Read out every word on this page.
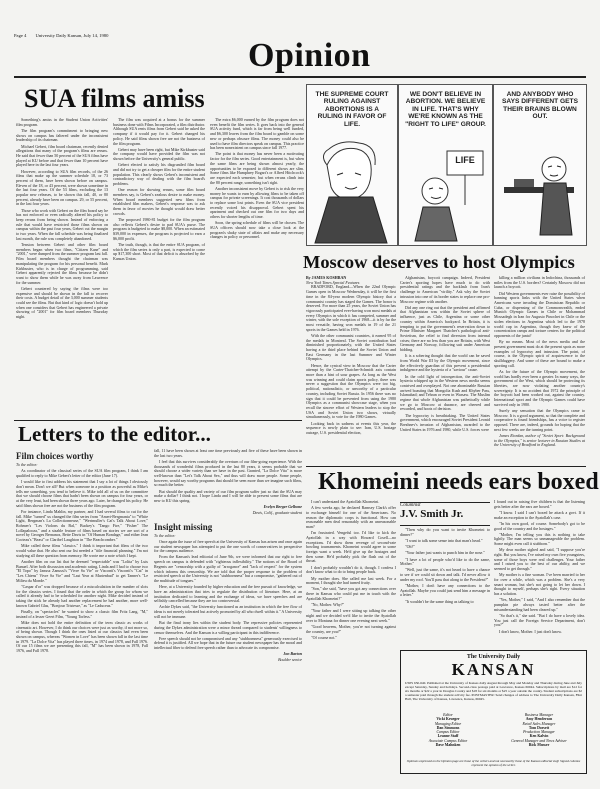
Page 4 University Daily Kansan, July 14, 1980
Opinion
SUA films amiss

Something's amiss in the Student Union Activities' film program.

The film program's commitment to bringing new shows on campus has faltered under the inconsistent leadership of its chairman.

Michael Gebert, film board chairman, recently denied allegations that many of the program's films are reruns. He said that fewer than 50 percent of the SUA films have played at KU before and that fewer than 10 percent have played here in the last four years.

However, according to SUA film records, of the 26 films that make up the summer schedule 18, or 73 percent of them, have been shown before on campus. Eleven of the 18, or 43 percent, were shown sometime in the last four years. Of the 53 films, excluding the 13 popular new releases, to be shown this fall, 40, or 80 percent, already have been on campus. 29, or 55 percent, in the last four years.

Those who work with Gebert on the film board say he has not enforced or even radically altered his policy to keep reruns from being shown. Instead of enforcing a rule that would have restricted those films shown on campus within the past four years, Gebert cut the margin to two years. When the fall schedule was being finalized last month, the rule was completely abandoned.

Tension between Gebert and other film board members began when two films, "Citizen Kane" and "2001," were dumped from the summer program last fall. Film board members thought the chairman was manipulating the program for his personal benefit. Mark Kirkbuster, who is in charge of programming, said Gebert apparently rejected the films because he didn't want to show them while he was away from Lawrence for the summer.

Gebert countered by saying the films were too expensive and should be shown in the fall to recover their costs. A budget detail of the 3,000 summer students could see the films. But that kind of logic doesn't hold up when one considers that Gebert has engineered a private showing of "2001" for film board members Thursday night.

The film was acquired at a bonus for the summer business done with Films Incorporated, a film distributor. Although SUA rents films from Gebert said he asked the company if it would pay for it. Gebert changed his policy. He said films shown free are not the business of the film program.

Gebert may have been right, but Mike Kirkbuster said the company would have provided the film was not shown before the University's general public.

Gebert elected to satisfy his disgruntled film board and did not try to get a cheaper film for the entire student population. This clearly shows Gebert's inconsistent and contradictory way of dealing with the film board's problems.

One reason for showing reruns, some film board members say, is Gebert's zealous desire to make money. When board members suggested new films from established film makers, Gebert's response was to ask them in favor of movies he thought would draw better crowds.

The proposed 1980-81 budget for the film program also reflects Gebert's desire to pad SUA's purse. The program is budgeted to make $8,000. When an estimated $39,000 in expenses, the program is projected to earn a $6,000 profit.

The truth, though, is that the entire SUA program, of which the film series is only a part, is expected to come up $17,300 short. Most of that deficit is absorbed by the Kansas Union.

The extra $6,000 earned by the film program does not even benefit the film series. It goes back into the general SUA activity fund, which is far from being well funded, and $6,300 leaves from the film board to gamble on some new or perhaps obscure films. The money could also be used to have film directors speak on campus. This practice has been nonexistent on campus since fall 1977.

The point is that money has never been a motivating factor for the film series. Good entertainment is, but when the same films are being shown almost yearly, the opportunities to be exposed to different shows are slim. Some films like Humphrey Bogart's or Alfred Hitchcock's are expected each semester, but when reruns climb into the 80 percent range, something isn't right.

Another inconsistent move by Gebert is to risk the very money he wants to earn by allowing films to be taken off campus for private screenings. It cost thousands of dollars to replace some lost prints. Even the SUA vice president recently voiced his disapproval. Gebert spent his apartment and checked out one film for two days and others for shorter lengths of time.

Soon, the spring schedule of films will be chosen. The SUA officers should now take a close look at the program's shaky state of affairs and make any necessary changes in policy or personnel.

THE SUPREME COURT RULING AGAINST ABORTIONS IS A RULING IN FAVOR OF LIFE.
WE DON'T BELIEVE IN ABORTION. WE BELIEVE IN LIFE. THAT'S WHY WE'RE KNOWN AS THE "RIGHT TO LIFE" GROUP.
LIFE
AND ANYBODY WHO SAYS DIFFERENT GETS THEIR BRAINS BLOWN OUT.
Moscow deserves to host Olympics
By JAMES KOSHBAN
New York Times Special Features

BRADFORD, England—When the 22nd Olympic Games open in Moscow Wednesday, it will be the first time in the 84-year modern Olympic history that a communist country has staged the Games. The honor is deserved. For more than 25 years, the Soviet Union has vigorously participated ever-having won most medals at every Olympics in which it has competed, summer and winter, with the sole exception of 1968—it is by far the most versatile, having won medals in 19 of the 21 sports in the Games held in 1976.

With the other communist countries, it earned 95 of the medals in Montreal. The Soviet contribution had diminished proportionately, with the United States having a tie third place behind the Soviet Union and East Germany in the last Summer and Winter Olympics.

Hence, the cynical view in Moscow that the Carter attempt by the Carter-Thatcher-Schmidt axis contain more than a hint of sour grapes. As long as the West was winning and could claim sports policy, there was never a suggestion that the Olympics were too big, political, nationalistic, or unworthy of a particular country, including Soviet Russia. In 1956 there was no sign that it could be prevented from using the 1980 Olympics as a communist showcase stage, when you recall the sincere effort of Western leaders to stop the USA and Soviet Union two shows, virtually simultaneously, to vote for the 1980 Games.

Looking back in sadness at events this year, the sequence is newly plain to see: Iran, U.S. hostage outrage, U.S. presidential election,

Afghanistan, boycott campaign. Indeed, President Carter's sporting hopes have much to do with presidential ratings and the backlash from Iran's challenge to American "virility." Ask why the Soviet intrusion into one of its border states to replace one pro-Moscow regime with another.

Did any one ring out that the president and affirmed that Afghanistan was within the Soviet sphere of influence, just as Chile, Argentina or some other country within America's backyard. In Britain, it is tempting to put the government's reservation down to Prime Minister Margaret Thatcher's pathological anti-Sovietism, the relief to find diversion from internal crises; there are no less than you are Britain, with West Germany and Norway, following suit under American bidding.

It is a sobering thought that the world can be saved from World War III by the Olympic movement, since the effectively guardian of this prevent a presidential indulgence and the hysteria of a "saviour" cause.

In the cold light of introspection, the anti-Soviet hysteria whipped up in the Western news media seems contrived and overplayed. Not one abominable Russian arrived boasting that Mongolia Kush and Khyber Pass, Islamabad; and Tehran or even in Warsaw. The Muslim regime that whole Afghanistan was pathetically while we go to Moscow at durance, are cheered and rewarded, and hoots of derision.

The hypocrisy is breathtaking. The United States government, which encouraged Soviet President Leonid Brezhnev's invasion of Afghanistan, awarded to the United States in 1976 and 1980, while U.S. forces were

killing a million civilians in Indochina, thousands of miles from the U.S. borders? Certainly Moscow did not launch a boycott.

Did Western governments ever raise the possibility of banning sports links with the United States when Americans were invading the Dominican Republic or Cuba, or dispensing of the Commonwealth, ended Munich Olympic Games in Chile or Mohammad Mossadegh in Iran for Augusto Pinochet in Chile or the stolen elections in Argentina which led to the 1978 world cup in Argentina, though they knew of the concentration camps and torture centers for the political opponents of the junta?

By no means. Most of the news media and the present government must do at the present spots as more examples of hypocrisy and intrusion. The point, of course, is the Olympic spirit of acquiescence to the skullduggery. And some of these are bound to make a sporting call.

As for the future of the Olympic movement, the world has hardly ever been a greater. In many ways, the government of the West, which should be protecting its liberties, are now violating another country's sovereignty. It is no accident that 1972 the principle of the boycott had been worked out, against the country. International sport and the Olympic Games could have survived only in 1980.

Surely any sensation that the Olympics came to Moscow. It is a good argument, so that the complete and cooperative is found friendships, has a voice to register opposed. There are, indeed, grounds for hoping that the next few weeks are the turning point.

James Riordan, author of "Soviet Sport: Background to the Olympics," is senior lecturer in Russian Studies at the University of Bradford in England.

Letters to the editor...
Film choices worthy

To the editor:

As coordinator of the classical series of the SUA film program, I think I am qualified to reply to Mike Gebert's letter of the editor (June 17).

I would like to first address his statement that I say a lot of things I obviously don't mean. Don't we all? But when someone in a position as powerful as Mike's tells me something, you tend to believe it. Mike told all of us on the committee that we should choose films that hadn't been shown on campus for four years, or at the very least, had been shown three years ago. Later, he changed his policy. He said films shown free are not the business of the film program.

For instance, Linda Mahlin, my partner, and I had several films to cut for the fall. Mike "turned" us changed the film series from "Ameri-Bergmania" to "White Light, Bergman's La Collectionneuse," "Wertmuller's Cat's Talk About Love," Rohmer's "Les Violons du Bal," Buckey's "Tango Fire," "Fisher" The Lollapalooza," and a sizable feature of films based on stories we are sort of a novel by Georges Bernanos, Bette Davis in "Of Human Bondage," and either Jean Cocteau's "Beast" or Claribel Laughton in "The Beachcomber."

Mike called these films "classics." I think it important that films of the two would value that. He also sent our list needed a "title financial planning." I'm not studying all these question from memory. He wrote me a note which I kept.

Another film on our list that he deemed "respectable" was "Lolita" by Luis Bunuel. After both discussion and academic rating, Linda and I had to choose two "El Topo" by Janusz Zanussi's "Vivre Sa Vie" or Visconti's Visconti's "Cat" in "Les Chiens" Vivre Sa Vie" and "Last Year at Marienbad" to get Tanner's "Le Milieu du Monde."

"Caspar d'or" was dropped because of a miscalculation in the number of slots for the classics series. I found that the order in which the group for whom we called it already had to be scheduled for another night. Mike decided instead of taking the stick he already had another replacement he had another, more well-known Gabriel Glas, "Bonjour Tristesse," as "Le Caduceus."

Finally, on "spectacles" he wanted to show a classic film Fritz Lang, "M," instead of a lesser Geert Film, "Young Torless."

Mike does not hold the entire definition of the term classic as works of cinematic art. However, I do think our choices were just as worthy, if not more so, of being shown. Though I think the ones listed at our classics had even been shown on campus, whereas "Women in Love" has been shown fall in the last time in 1979. "La Dolce Vita" has played three times, in 1974 and 1978, and Fall 1976. Of our 15 films we are presenting this fall, "M" has been shown in 1978, Fall 1976, and Fall 1978.

fall, 11 have been shown at least one time previously and five of these have been shown in the last two years.

I feel that this survives considerably the overturn of our film-going experience. With the thousands of wonderful films produced in the last 80 years, it seems probable that we should choose a wider variety than we have in the past. Granted, "La Dolce Vita" is more well-known than "Let's Talk About Sex," and thus will draw more people. Some people, however, would say worthy programs that should be seen more than we imagine such films, so much the better.

But should the quality and variety of our film program suffer just so that the SUA may make a dollar? I think not. I hope Linda and I will be able to present some films that are new to KU this spring.

Evelyn Berger Gelbone
Davis, Calif., graduate student
Insight missing

To the editor:

Once again the issue of free speech at the University of Kansas has arisen and once again our student newspaper has attempted to put the one words of conservatives in perspective for the campus audience.

From the Kansan's lead editorial of June 9th, we were informed that our right to free speech on campus is defended with "righteous inflexibility." The notions of the Board of Regents are "censorship with a guilty of "arrogance" and "lack of respect" for the system which informs this censorship. We are told that the proper response to the problem of restricted speech at the University is not "stubbornness" but a compromise, "gathered out of the multitude of tongues."

Here, at a University founded by higher education and the free pursuit of knowledge, we have an administration that tries to regulate the distribution of literature. Here, at an institution dedicated to learning and the exchange of ideas, we have speeches and are selfishly cancelled because they are too controversial.

Archie Dykes said, "the University functioned as an institution in which the free flow of ideas is not merely tolerated but actively promoted by all who dwell within it." A University will not be immune.

But the final irony lies within the student body. The repressive policies represented during the Dykes administration were a minor thread compared to students' willingness to censor themselves. And the Kansan is a willing participant in this indifference.

Free speech should not be compromised and any "stubbornness" generously exercised to defend it is justified. All we hope that in the future our student newspaper has the moral and intellectual fiber to defend free speech rather than to advocate its compromise.

Jon Barton
Boulder senior
Khomeini needs ears boxed

I can't understand the Ayatollah Khomeini.

A few weeks ago, he declared Ramsey Clark's offer to exchange himself for one of the Americans. No reason the diplomatic corps is functional. How can reasonable men deal reasonably with an unreasonable man?

I'm frustrated. Vengeful too. I'd like to kick the Ayatollah in a way with Howard Cosell—no exceptions. I'd show them revenge of second-rate bowling tournaments. Khomeini would agree to some foreign want a week. He'd give up the hostages and then some. He'd probably pick the flash out of the throat.

I don't probably wouldn't do it, though. I confess I don't know what to do to bring people back.

My mother does. She called me last week. For a moment, I thought she had turned fruity.

"Son," she said, "have you got any connections over there in Kansas who could put me in touch with the Ayatollah Khomeini?"

"No, Mother. Why?"

"Your father and I were sitting up talking the other night and we decided we'd like to invite the Ayatollah over to Montana for dinner one evening next week."

"Good heavens, Mother, you're not turning against the country, are you?"

"Of course not."

Columnist
J.V. Smith Jr.

"Then why do you want to invite Khomeini to dinner?"

"I want to talk some sense into that man's head."

"Oh?"

"Your father just wants to punch him in the nose."

"I have a lot of people who'd like to do the same, Mother."

"Well, just the same, it's not heard to have a chance to see if we could sit down and talk. I'd never allow it under my roof. You'll pass that along to the President?"

"Mother, I don't have any connections to the Ayatollah. Maybe you could just send him a message in a letter."

"It wouldn't be the same thing as talking to

I found out in raising five children is that the listening gets better after the ears are boxed."

"I know. I said I can't boxed he attack a govt. If it make an exception to the Ayatollah's case.

"In his own good, of course. Somebody's got to be good of the country and the hostages."

"Mother, I'm telling you this is nothing to take lightly. The man seems so unmanageable the problem. Some might even call it stubborn."

My dear mother sighed and said, "I suppose you're right. But you know, I've raised my own five youngsters, some of those boys were real challenges. Your father and I raised you to the best of our ability, and we seemed to get through."

My mother is a fine woman. I've been married to her for over a while, which was a problem. She's a very smart woman, but she's not going to let her down. I thought to myself, perhaps she's right. Every situation has a solution.

"Yes, Mother," I said, "And I also remember that the pumpkin pie always tasted better after the misunderstanding had been cleared up."

"So that's it," she said. "But I do have a lovely idea. You just call the Foreign Service Department, don't you?"

I don't know, Mother. I just don't know.

The University Daily
KANSAN
USPS 650-640. Published at the University of Kansas daily August through May and Monday and Thursday during June and July except Saturday, Sunday and holidays. Second-class postage paid at Lawrence, Kansas 66044. Subscriptions by mail are $12 for six months or $22 a year in Douglas County and $18 for six months or $25 a year outside the county. Student subscriptions are $2 a semester paid through the student activity fee. POSTMASTER: Send changes of address to The University Daily Kansan, Flint Hall, The University of Kansas, Lawrence, Kansas, 66045.
Editor
Vicki Krueger
Managing Editor
Dan Simmons
Campus Editor
Leanne Staff
Associate Campus Editor
Dave Mahnken
Business Manager
Amy Henderson
Retail Sales Manager
Tom Dorsett
Production Manager
Ken Kalvin
General Manager and News Adviser
Rick Musser
Opinions expressed on the Opinion page are those of the writers and not necessarily those of the Kansan editorial staff. Signed columns represent the opinion of the writer.
